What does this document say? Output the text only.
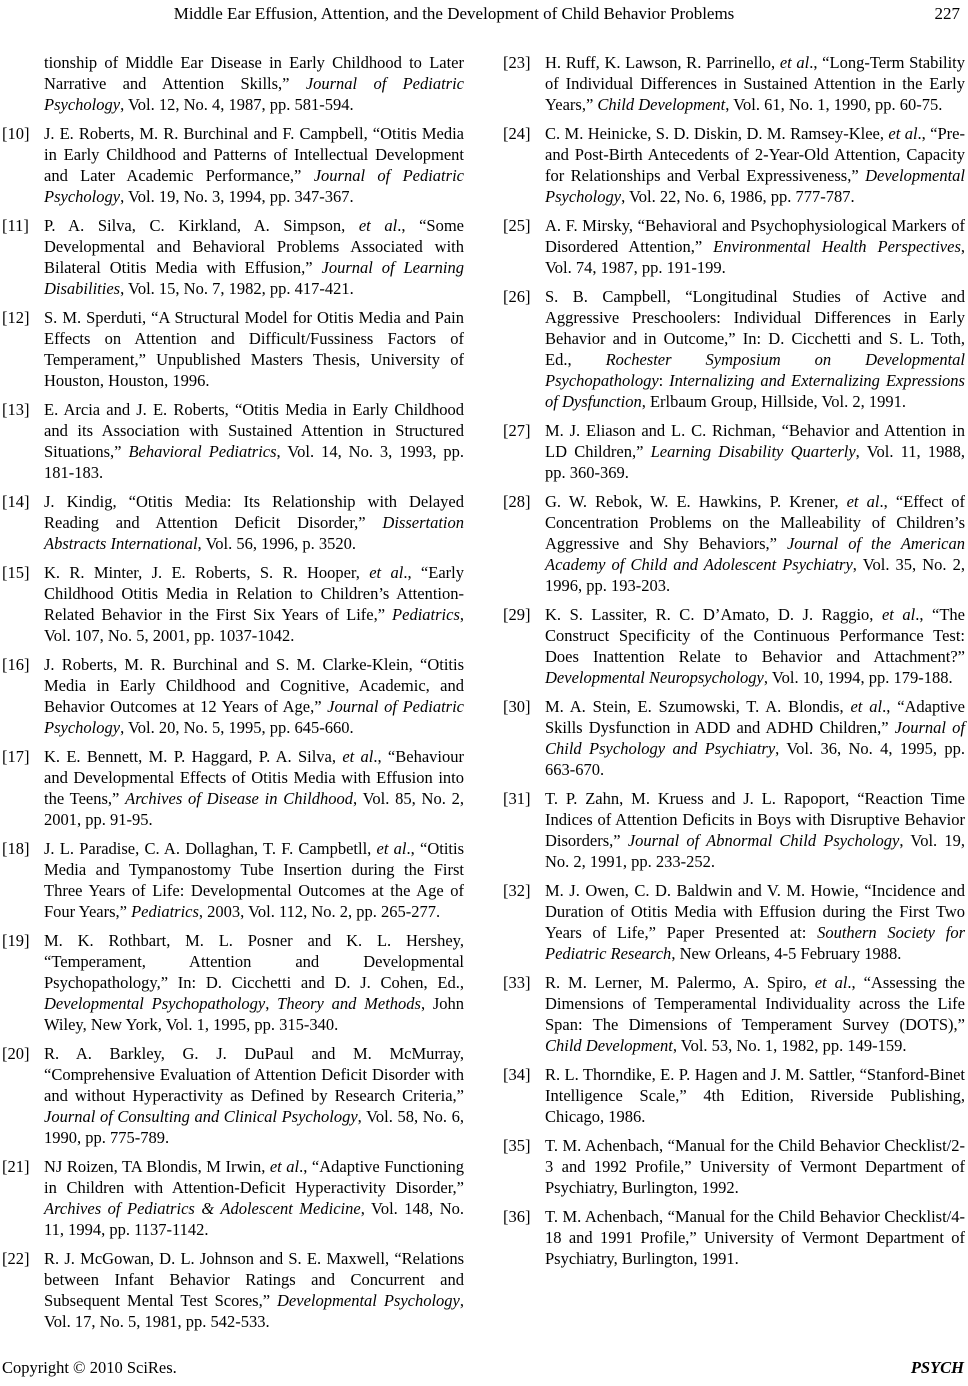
Middle Ear Effusion, Attention, and the Development of Child Behavior Problems	227
tionship of Middle Ear Disease in Early Childhood to Later Narrative and Attention Skills,” Journal of Pediatric Psychology, Vol. 12, No. 4, 1987, pp. 581-594.
[10] J. E. Roberts, M. R. Burchinal and F. Campbell, “Otitis Media in Early Childhood and Patterns of Intellectual Development and Later Academic Performance,” Journal of Pediatric Psychology, Vol. 19, No. 3, 1994, pp. 347-367.
[11] P. A. Silva, C. Kirkland, A. Simpson, et al., “Some Developmental and Behavioral Problems Associated with Bilateral Otitis Media with Effusion,” Journal of Learning Disabilities, Vol. 15, No. 7, 1982, pp. 417-421.
[12] S. M. Sperduti, “A Structural Model for Otitis Media and Pain Effects on Attention and Difficult/Fussiness Factors of Temperament,” Unpublished Masters Thesis, University of Houston, Houston, 1996.
[13] E. Arcia and J. E. Roberts, “Otitis Media in Early Childhood and its Association with Sustained Attention in Structured Situations,” Behavioral Pediatrics, Vol. 14, No. 3, 1993, pp. 181-183.
[14] J. Kindig, “Otitis Media: Its Relationship with Delayed Reading and Attention Deficit Disorder,” Dissertation Abstracts International, Vol. 56, 1996, p. 3520.
[15] K. R. Minter, J. E. Roberts, S. R. Hooper, et al., “Early Childhood Otitis Media in Relation to Children’s Attention-Related Behavior in the First Six Years of Life,” Pediatrics, Vol. 107, No. 5, 2001, pp. 1037-1042.
[16] J. Roberts, M. R. Burchinal and S. M. Clarke-Klein, “Otitis Media in Early Childhood and Cognitive, Academic, and Behavior Outcomes at 12 Years of Age,” Journal of Pediatric Psychology, Vol. 20, No. 5, 1995, pp. 645-660.
[17] K. E. Bennett, M. P. Haggard, P. A. Silva, et al., “Behaviour and Developmental Effects of Otitis Media with Effusion into the Teens,” Archives of Disease in Childhood, Vol. 85, No. 2, 2001, pp. 91-95.
[18] J. L. Paradise, C. A. Dollaghan, T. F. Campbetll, et al., “Otitis Media and Tympanostomy Tube Insertion during the First Three Years of Life: Developmental Outcomes at the Age of Four Years,” Pediatrics, 2003, Vol. 112, No. 2, pp. 265-277.
[19] M. K. Rothbart, M. L. Posner and K. L. Hershey, “Temperament, Attention and Developmental Psychopathology,” In: D. Cicchetti and D. J. Cohen, Ed., Developmental Psychopathology, Theory and Methods, John Wiley, New York, Vol. 1, 1995, pp. 315-340.
[20] R. A. Barkley, G. J. DuPaul and M. McMurray, “Comprehensive Evaluation of Attention Deficit Disorder with and without Hyperactivity as Defined by Research Criteria,” Journal of Consulting and Clinical Psychology, Vol. 58, No. 6, 1990, pp. 775-789.
[21] NJ Roizen, TA Blondis, M Irwin, et al., “Adaptive Functioning in Children with Attention-Deficit Hyperactivity Disorder,” Archives of Pediatrics & Adolescent Medicine, Vol. 148, No. 11, 1994, pp. 1137-1142.
[22] R. J. McGowan, D. L. Johnson and S. E. Maxwell, “Relations between Infant Behavior Ratings and Concurrent and Subsequent Mental Test Scores,” Developmental Psychology, Vol. 17, No. 5, 1981, pp. 542-533.
[23] H. Ruff, K. Lawson, R. Parrinello, et al., “Long-Term Stability of Individual Differences in Sustained Attention in the Early Years,” Child Development, Vol. 61, No. 1, 1990, pp. 60-75.
[24] C. M. Heinicke, S. D. Diskin, D. M. Ramsey-Klee, et al., “Pre- and Post-Birth Antecedents of 2-Year-Old Attention, Capacity for Relationships and Verbal Expressiveness,” Developmental Psychology, Vol. 22, No. 6, 1986, pp. 777-787.
[25] A. F. Mirsky, “Behavioral and Psychophysiological Markers of Disordered Attention,” Environmental Health Perspectives, Vol. 74, 1987, pp. 191-199.
[26] S. B. Campbell, “Longitudinal Studies of Active and Aggressive Preschoolers: Individual Differences in Early Behavior and in Outcome,” In: D. Cicchetti and S. L. Toth, Ed., Rochester Symposium on Developmental Psychopathology: Internalizing and Externalizing Expressions of Dysfunction, Erlbaum Group, Hillside, Vol. 2, 1991.
[27] M. J. Eliason and L. C. Richman, “Behavior and Attention in LD Children,” Learning Disability Quarterly, Vol. 11, 1988, pp. 360-369.
[28] G. W. Rebok, W. E. Hawkins, P. Krener, et al., “Effect of Concentration Problems on the Malleability of Children’s Aggressive and Shy Behaviors,” Journal of the American Academy of Child and Adolescent Psychiatry, Vol. 35, No. 2, 1996, pp. 193-203.
[29] K. S. Lassiter, R. C. D’Amato, D. J. Raggio, et al., “The Construct Specificity of the Continuous Performance Test: Does Inattention Relate to Behavior and Attachment?” Developmental Neuropsychology, Vol. 10, 1994, pp. 179-188.
[30] M. A. Stein, E. Szumowski, T. A. Blondis, et al., “Adaptive Skills Dysfunction in ADD and ADHD Children,” Journal of Child Psychology and Psychiatry, Vol. 36, No. 4, 1995, pp. 663-670.
[31] T. P. Zahn, M. Kruess and J. L. Rapoport, “Reaction Time Indices of Attention Deficits in Boys with Disruptive Behavior Disorders,” Journal of Abnormal Child Psychology, Vol. 19, No. 2, 1991, pp. 233-252.
[32] M. J. Owen, C. D. Baldwin and V. M. Howie, “Incidence and Duration of Otitis Media with Effusion during the First Two Years of Life,” Paper Presented at: Southern Society for Pediatric Research, New Orleans, 4-5 February 1988.
[33] R. M. Lerner, M. Palermo, A. Spiro, et al., “Assessing the Dimensions of Temperamental Individuality across the Life Span: The Dimensions of Temperament Survey (DOTS),” Child Development, Vol. 53, No. 1, 1982, pp. 149-159.
[34] R. L. Thorndike, E. P. Hagen and J. M. Sattler, “Stanford-Binet Intelligence Scale,” 4th Edition, Riverside Publishing, Chicago, 1986.
[35] T. M. Achenbach, “Manual for the Child Behavior Checklist/2-3 and 1992 Profile,” University of Vermont Department of Psychiatry, Burlington, 1992.
[36] T. M. Achenbach, “Manual for the Child Behavior Checklist/4-18 and 1991 Profile,” University of Vermont Department of Psychiatry, Burlington, 1991.
Copyright © 2010 SciRes.	PSYCH
